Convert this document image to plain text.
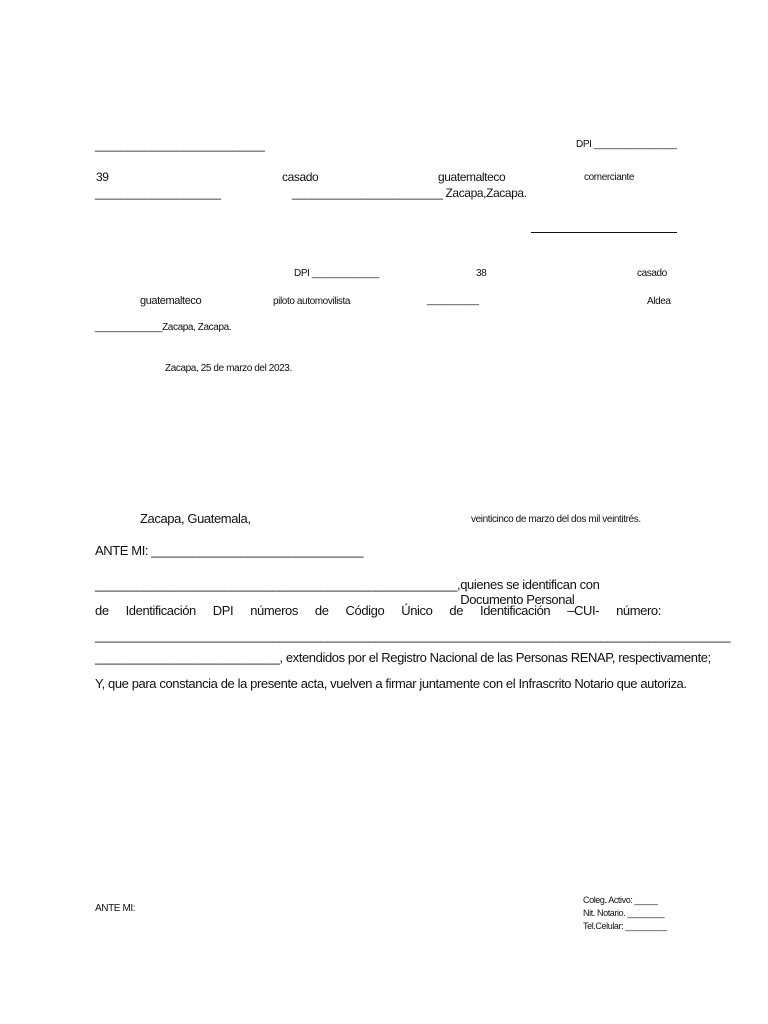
___________________________	DPI ________________
39	casado	guatemalteco	comerciante
____________________	________________________ Zacapa,Zacapa.
DPI _____________	38	casado
guatemalteco	piloto automovilista	__________	Aldea
_____________Zacapa, Zacapa.
Zacapa, 25 de marzo del 2023.
Zacapa, Guatemala,	veinticinco de marzo del dos mil veintitrés.
ANTE MI: _______________________________
_____________________________________________________, quienes se identifican con Documento Personal
de Identificación DPI números de Código Único de Identificación –CUI- número:
_____________________________________________________________________________________________
___________________________, extendidos por el Registro Nacional de las Personas RENAP, respectivamente;
Y, que para constancia de la presente acta, vuelven a firmar juntamente con el Infrascrito Notario que autoriza.
ANTE MI:
Coleg. Activo: _____
Nit. Notario. ________
Tel.Celular: _________
